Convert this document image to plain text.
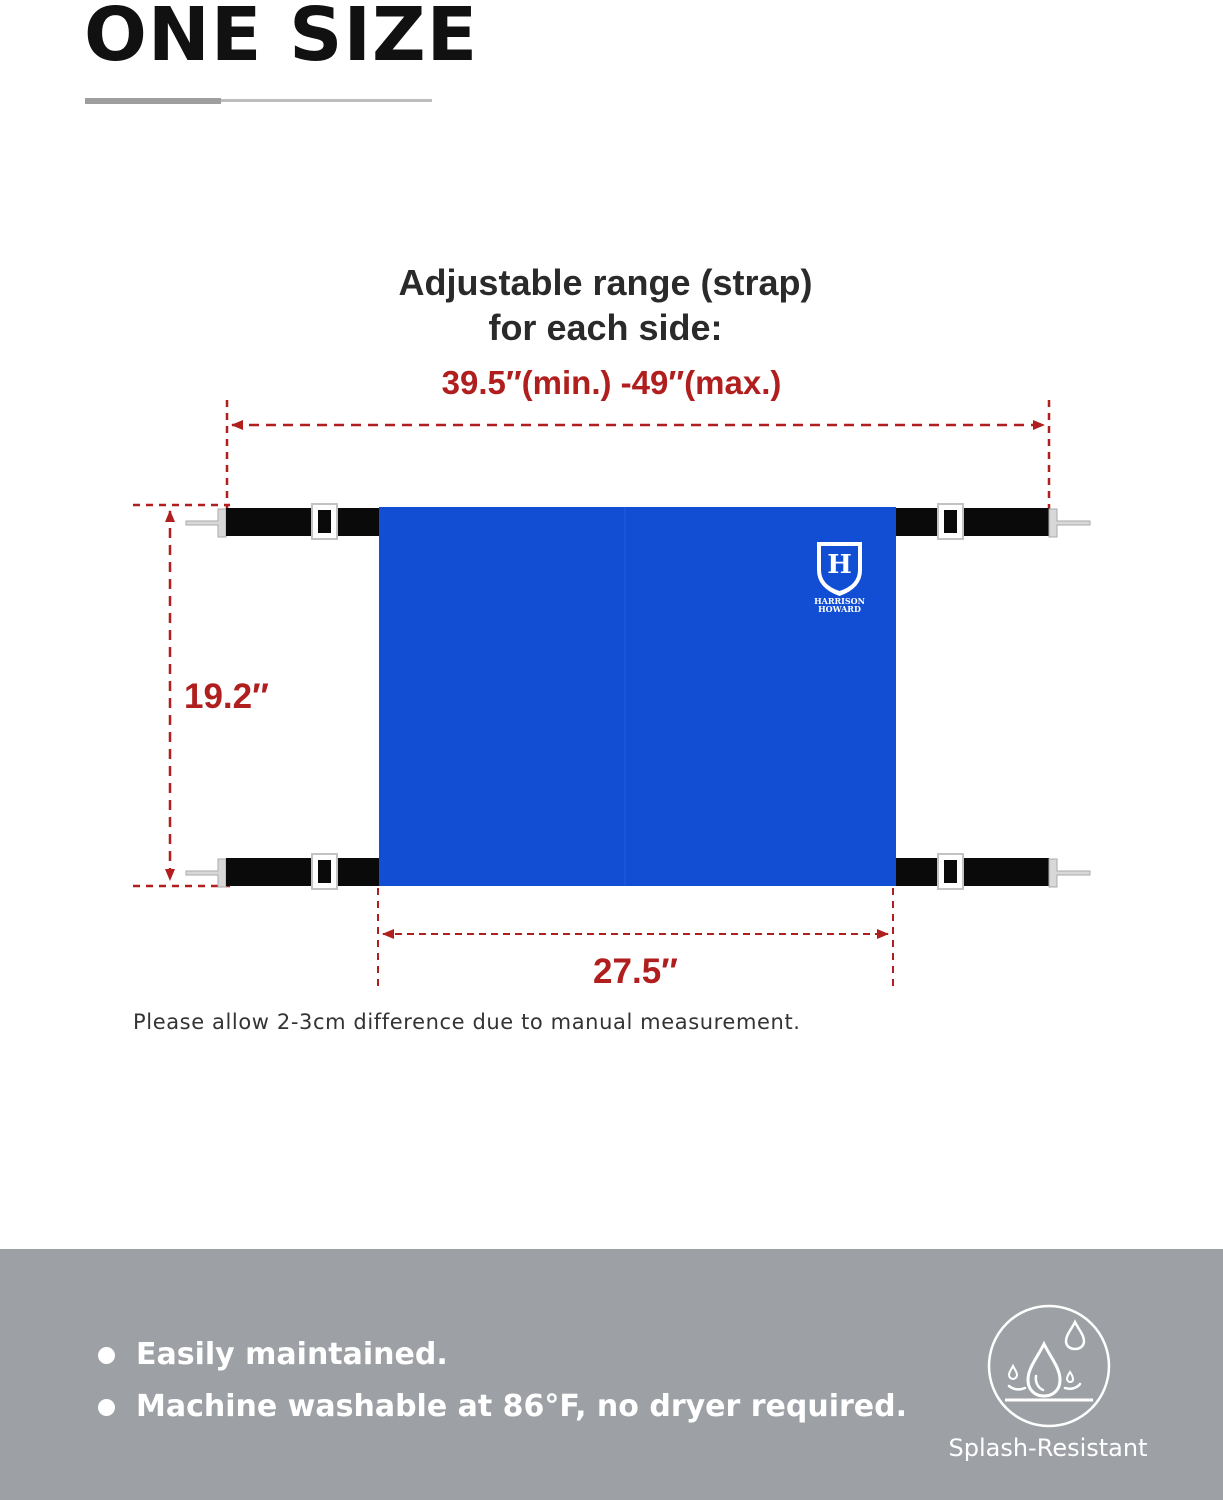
ONE SIZE
Adjustable range (strap)
for each side:
39.5″(min.) -49″(max.)
H
HARRISON
HOWARD
19.2″
27.5″
Please allow 2-3cm difference due to manual measurement.
Easily maintained.
Machine washable at 86°F, no dryer required.
Splash-Resistant
